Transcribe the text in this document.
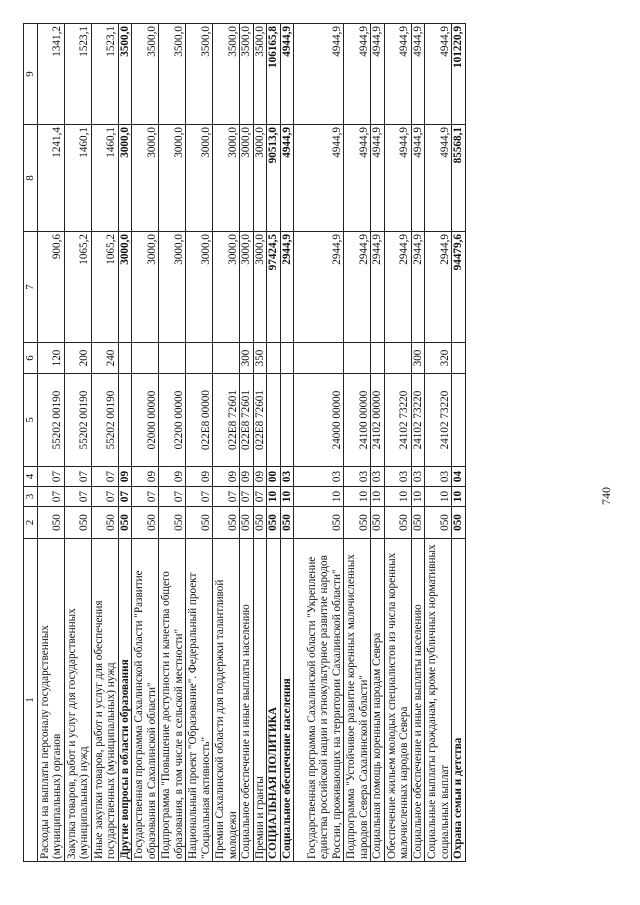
740
1	2	3	4	5	6	7	8	9
Расходы на выплаты персоналу государственных (муниципальных) органов	050	07	07	55202 00190	120	900,6	1241,4	1341,2
Закупка товаров, работ и услуг для государственных (муниципальных) нужд	050	07	07	55202 00190	200	1065,2	1460,1	1523,1
Иные закупки товаров, работ и услуг для обеспечения государственных (муниципальных) нужд	050	07	07	55202 00190	240	1065,2	1460,1	1523,1
Другие вопросы в области образования	050	07	09			3000,0	3000,0	3500,0
Государственная программа Сахалинской области "Развитие образования в Сахалинской области"	050	07	09	02000 00000		3000,0	3000,0	3500,0
Подпрограмма "Повышение доступности и качества общего образования, в том числе в сельской местности"	050	07	09	02200 00000		3000,0	3000,0	3500,0
Национальный проект "Образование". Федеральный проект "Социальная активность"	050	07	09	022Е8 00000		3000,0	3000,0	3500,0
Премии Сахалинской области для поддержки талантливой молодежи	050	07	09	022Е8 72601		3000,0	3000,0	3500,0
Социальное обеспечение и иные выплаты населению	050	07	09	022Е8 72601	300	3000,0	3000,0	3500,0
Премии и гранты	050	07	09	022Е8 72601	350	3000,0	3000,0	3500,0
СОЦИАЛЬНАЯ ПОЛИТИКА	050	10	00			97424,5	90513,0	106165,8
Социальное обеспечение населения	050	10	03			2944,9	4944,9	4944,9
Государственная программа Сахалинской области "Укрепление единства российской нации и этнокультурное развитие народов России, проживающих на территории Сахалинской области"	050	10	03	24000 00000		2944,9	4944,9	4944,9
Подпрограмма "Устойчивое развитие коренных малочисленных народов Севера Сахалинской области"	050	10	03	24100 00000		2944,9	4944,9	4944,9
Социальная помощь коренным народам Севера	050	10	03	24102 00000		2944,9	4944,9	4944,9
Обеспечение жильем молодых специалистов из числа коренных малочисленных народов Севера	050	10	03	24102 73220		2944,9	4944,9	4944,9
Социальное обеспечение и иные выплаты населению	050	10	03	24102 73220	300	2944,9	4944,9	4944,9
Социальные выплаты гражданам, кроме публичных нормативных социальных выплат	050	10	03	24102 73220	320	2944,9	4944,9	4944,9
Охрана семьи и детства	050	10	04			94479,6	85568,1	101220,9
